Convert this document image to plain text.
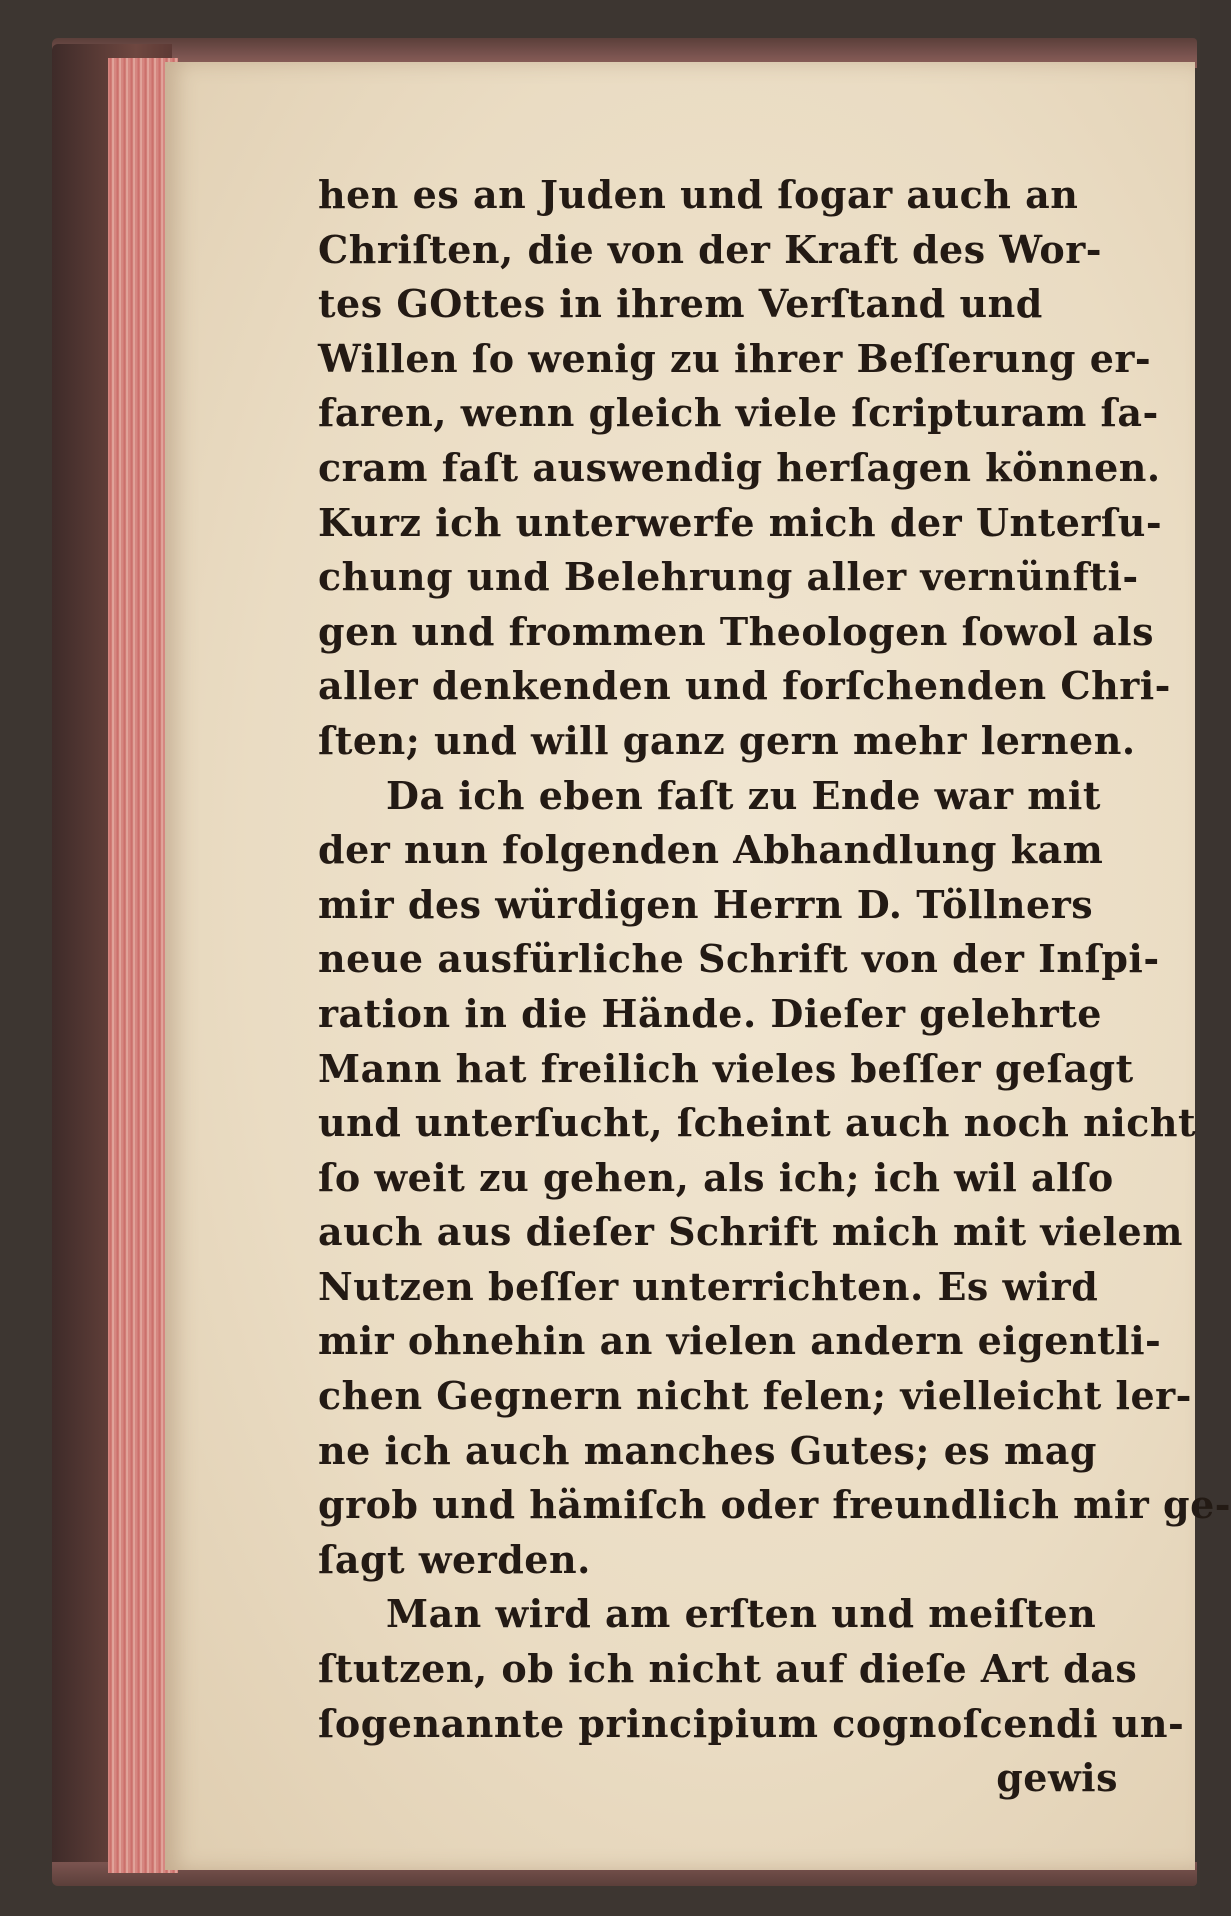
hen es an Juden und ſogar auch an
Chriſten, die von der Kraft des Wor-
tes GOttes in ihrem Verſtand und
Willen ſo wenig zu ihrer Beſſerung er-
faren, wenn gleich viele ſcripturam ſa-
cram faſt auswendig herſagen können.
Kurz ich unterwerfe mich der Unterſu-
chung und Belehrung aller vernünfti-
gen und frommen Theologen ſowol als
aller denkenden und forſchenden Chri-
ſten; und will ganz gern mehr lernen.
Da ich eben faſt zu Ende war mit
der nun folgenden Abhandlung kam
mir des würdigen Herrn D. Töllners
neue ausfürliche Schrift von der Inſpi-
ration in die Hände. Dieſer gelehrte
Mann hat freilich vieles beſſer geſagt
und unterſucht, ſcheint auch noch nicht
ſo weit zu gehen, als ich; ich wil alſo
auch aus dieſer Schrift mich mit vielem
Nutzen beſſer unterrichten. Es wird
mir ohnehin an vielen andern eigentli-
chen Gegnern nicht felen; vielleicht ler-
ne ich auch manches Gutes; es mag
grob und hämiſch oder freundlich mir ge-
ſagt werden.
Man wird am erſten und meiſten
ſtutzen, ob ich nicht auf dieſe Art das
ſogenannte principium cognoſcendi un-
gewis
